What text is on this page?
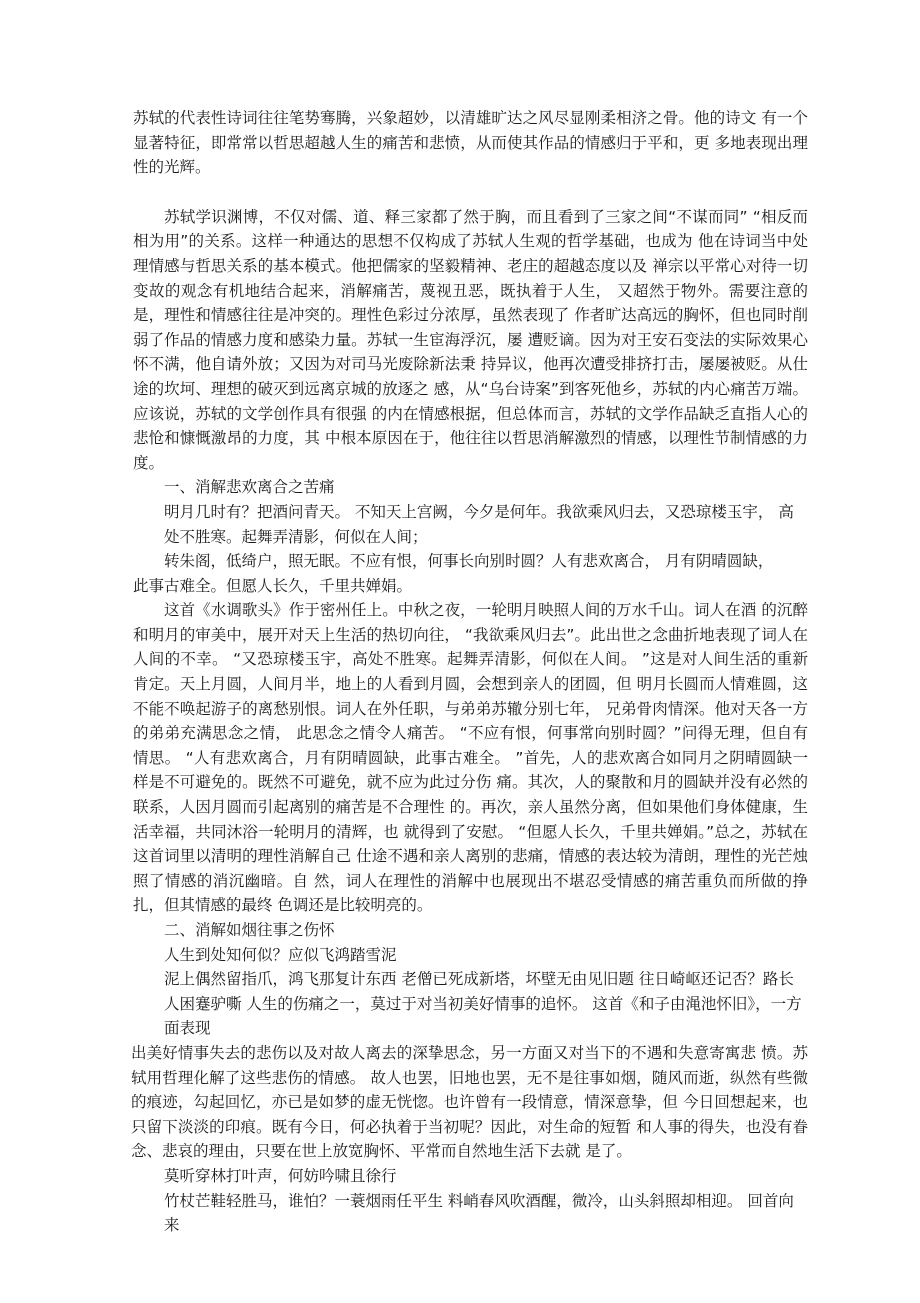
苏轼的代表性诗词往往笔势骞腾，兴象超妙，以清雄旷达之风尽显刚柔相济之骨。他的诗文 有一个显著特征，即常常以哲思超越人生的痛苦和悲愤，从而使其作品的情感归于平和，更 多地表现出理性的光辉。

苏轼学识渊博，不仅对儒、道、释三家都了然于胸，而且看到了三家之间“不谋而同” “相反而相为用”的关系。这样一种通达的思想不仅构成了苏轼人生观的哲学基础，也成为 他在诗词当中处理情感与哲思关系的基本模式。他把儒家的坚毅精神、老庄的超越态度以及 禅宗以平常心对待一切变故的观念有机地结合起来，消解痛苦，蔑视丑恶，既执着于人生， 又超然于物外。需要注意的是，理性和情感往往是冲突的。理性色彩过分浓厚，虽然表现了 作者旷达高远的胸怀，但也同时削弱了作品的情感力度和感染力量。苏轼一生宦海浮沉，屡 遭贬谪。因为对王安石变法的实际效果心怀不满，他自请外放；又因为对司马光废除新法秉 持异议，他再次遭受排挤打击，屡屡被贬。从仕途的坎坷、理想的破灭到远离京城的放逐之 感，从“乌台诗案”到客死他乡，苏轼的内心痛苦万端。应该说，苏轼的文学创作具有很强 的内在情感根据，但总体而言，苏轼的文学作品缺乏直指人心的悲怆和慷慨激昂的力度，其 中根本原因在于，他往往以哲思消解激烈的情感，以理性节制情感的力度。

一、消解悲欢离合之苦痛

明月几时有？把酒问青天。 不知天上宫阙，今夕是何年。我欲乘风归去，又恐琼楼玉宇， 高处不胜寒。起舞弄清影，何似在人间；

转朱阁，低绮户，照无眠。不应有恨，何事长向别时圆？人有悲欢离合， 月有阴晴圆缺，

此事古难全。但愿人长久，千里共婵娟。

这首《水调歌头》作于密州任上。中秋之夜，一轮明月映照人间的万水千山。词人在酒 的沉醉和明月的审美中，展开对天上生活的热切向往， “我欲乘风归去”。此出世之念曲折地表现了词人在人间的不幸。 “又恐琼楼玉宇，高处不胜寒。起舞弄清影，何似在人间。 ”这是对人间生活的重新肯定。天上月圆，人间月半，地上的人看到月圆，会想到亲人的团圆，但 明月长圆而人情难圆，这不能不唤起游子的离愁别恨。词人在外任职，与弟弟苏辙分别七年， 兄弟骨肉情深。他对天各一方的弟弟充满思念之情， 此思念之情令人痛苦。 “不应有恨，何事常向别时圆？”问得无理，但自有情思。 “人有悲欢离合，月有阴晴圆缺，此事古难全。 ”首先，人的悲欢离合如同月之阴晴圆缺一样是不可避免的。既然不可避免，就不应为此过分伤 痛。其次，人的聚散和月的圆缺并没有必然的联系，人因月圆而引起离别的痛苦是不合理性 的。再次，亲人虽然分离，但如果他们身体健康，生活幸福，共同沐浴一轮明月的清辉，也 就得到了安慰。 “但愿人长久，千里共婵娟。”总之，苏轼在这首词里以清明的理性消解自己 仕途不遇和亲人离别的悲痛，情感的表达较为清朗，理性的光芒烛照了情感的消沉幽暗。自 然，词人在理性的消解中也展现出不堪忍受情感的痛苦重负而所做的挣扎，但其情感的最终 色调还是比较明亮的。

二、消解如烟往事之伤怀

人生到处知何似？应似飞鸿踏雪泥

泥上偶然留指爪，鸿飞那复计东西 老僧已死成新塔，坏壁无由见旧题 往日崎岖还记否？路长人困蹇驴嘶 人生的伤痛之一，莫过于对当初美好情事的追怀。 这首《和子由渑池怀旧》，一方面表现

出美好情事失去的悲伤以及对故人离去的深挚思念，另一方面又对当下的不遇和失意寄寓悲 愤。苏轼用哲理化解了这些悲伤的情感。 故人也罢，旧地也罢，无不是往事如烟，随风而逝，纵然有些微的痕迹，勾起回忆，亦已是如梦的虚无恍惚。也许曾有一段情意，情深意挚，但 今日回想起来，也只留下淡淡的印痕。既有今日，何必执着于当初呢？因此，对生命的短暂 和人事的得失，也没有眷念、悲哀的理由，只要在世上放宽胸怀、平常而自然地生活下去就 是了。

莫听穿林打叶声，何妨吟啸且徐行

竹杖芒鞋轻胜马，谁怕？一蓑烟雨任平生 料峭春风吹酒醒，微冷，山头斜照却相迎。 回首向来
